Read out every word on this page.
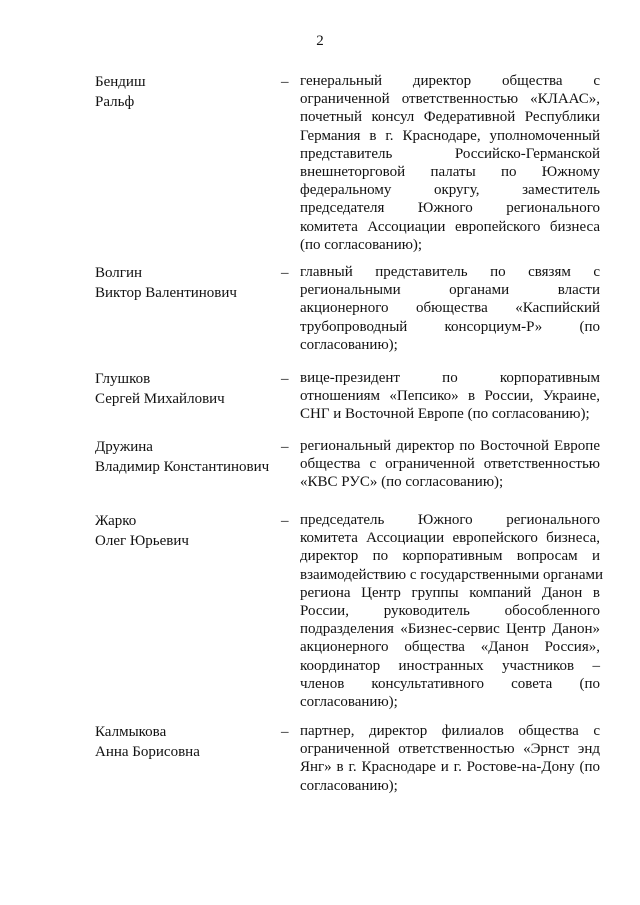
2
Бендиш
Ральф
– генеральный директор общества с
ограниченной ответственностью «КЛААС»,
почетный консул Федеративной Республики
Германия в г. Краснодаре, уполномоченный
представитель Российско-Германской
внешнеторговой палаты по Южному
федеральному округу, заместитель
председателя Южного регионального
комитета Ассоциации европейского бизнеса
(по согласованию);
Волгин
Виктор Валентинович
– главный представитель по связям с
региональными органами власти
акционерного обющества «Каспийский
трубопроводный консорциум-Р» (по
согласованию);
Глушков
Сергей Михайлович
– вице-президент по корпоративным
отношениям «Пепсико» в России, Украине,
СНГ и Восточной Европе (по согласованию);
Дружина
Владимир Константинович
– региональный директор по Восточной Европе
общества с ограниченной ответственностью
«КВС РУС» (по согласованию);
Жарко
Олег Юрьевич
– председатель Южного регионального
комитета Ассоциации европейского бизнеса,
директор по корпоративным вопросам и
взаимодействию с государственными органами
региона Центр группы компаний Данон в
России, руководитель обособленного
подразделения «Бизнес-сервис Центр Данон»
акционерного общества «Данон Россия»,
координатор иностранных участников –
членов консультативного совета (по
согласованию);
Калмыкова
Анна Борисовна
– партнер, директор филиалов общества с
ограниченной ответственностью «Эрнст энд
Янг» в г. Краснодаре и г. Ростове-на-Дону (по
согласованию);
